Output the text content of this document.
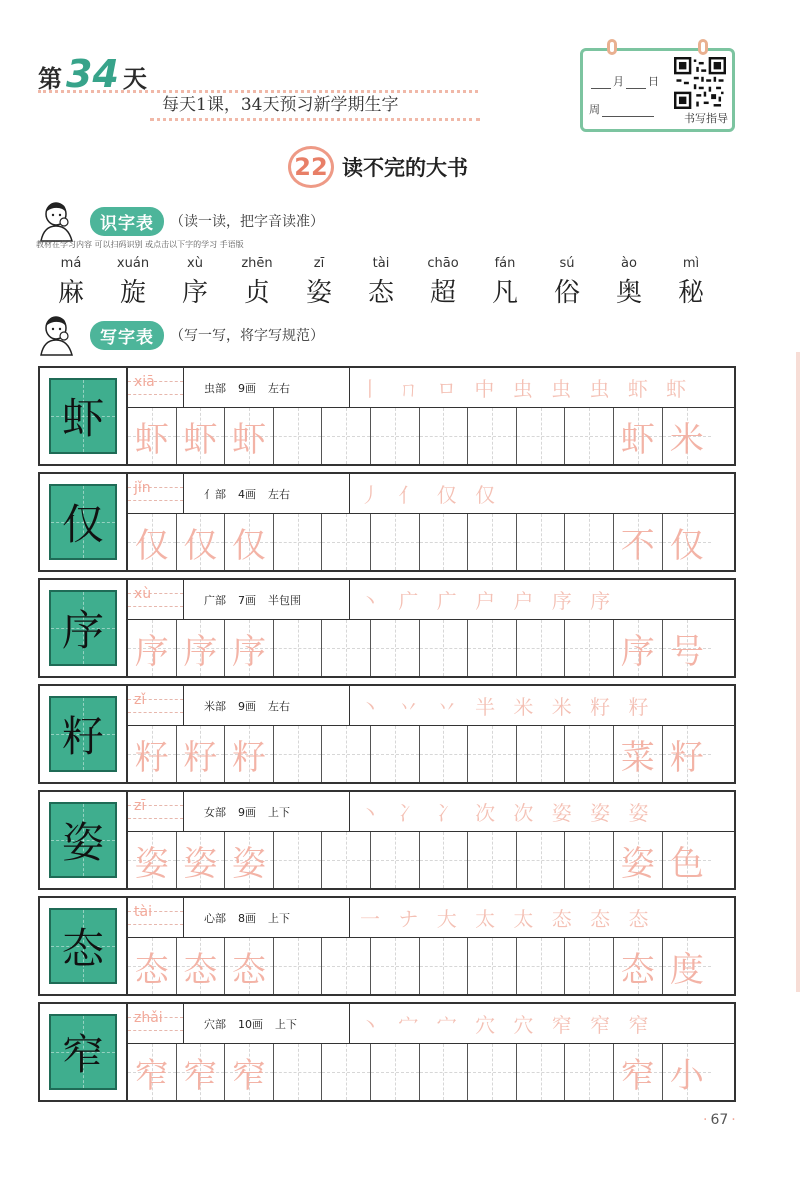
第 34 天
每天1课，34天预习新学期生字
月 日
周
书写指导
22 读不完的大书
识字表	（读一读，把字音读准）
教材在学习内容 可以扫码识别 或点击以下字的学习 手语版
má
麻
xuán
旋
xù
序
zhēn
贞
zī
姿
tài
态
chāo
超
fán
凡
sú
俗
ào
奥
mì
秘
写字表	（写一写，将字写规范）
虾
xiā	虫部 9画 左右	丨 ㄇ ㅁ 中 虫 虫 虫 虾 虾
虾 虾 虾	虾 米
仅
jǐn	亻部 4画 左右	丿 亻 仅 仅
仅 仅 仅	不 仅
序
xù	广部 7画 半包围	丶 广 广 户 户 序 序
序 序 序	序 号
籽
zǐ	米部 9画 左右	丶 丷 丷 半 米 米 籽 籽
籽 籽 籽	菜 籽
姿
zī	女部 9画 上下	丶 冫 冫 次 次 姿 姿 姿
姿 姿 姿	姿 色
态
tài	心部 8画 上下	一 ナ 大 太 太 态 态 态
态 态 态	态 度
窄
zhǎi	穴部 10画 上下	丶 宀 宀 穴 穴 窄 窄 窄
窄 窄 窄	窄 小
· 67 ·
